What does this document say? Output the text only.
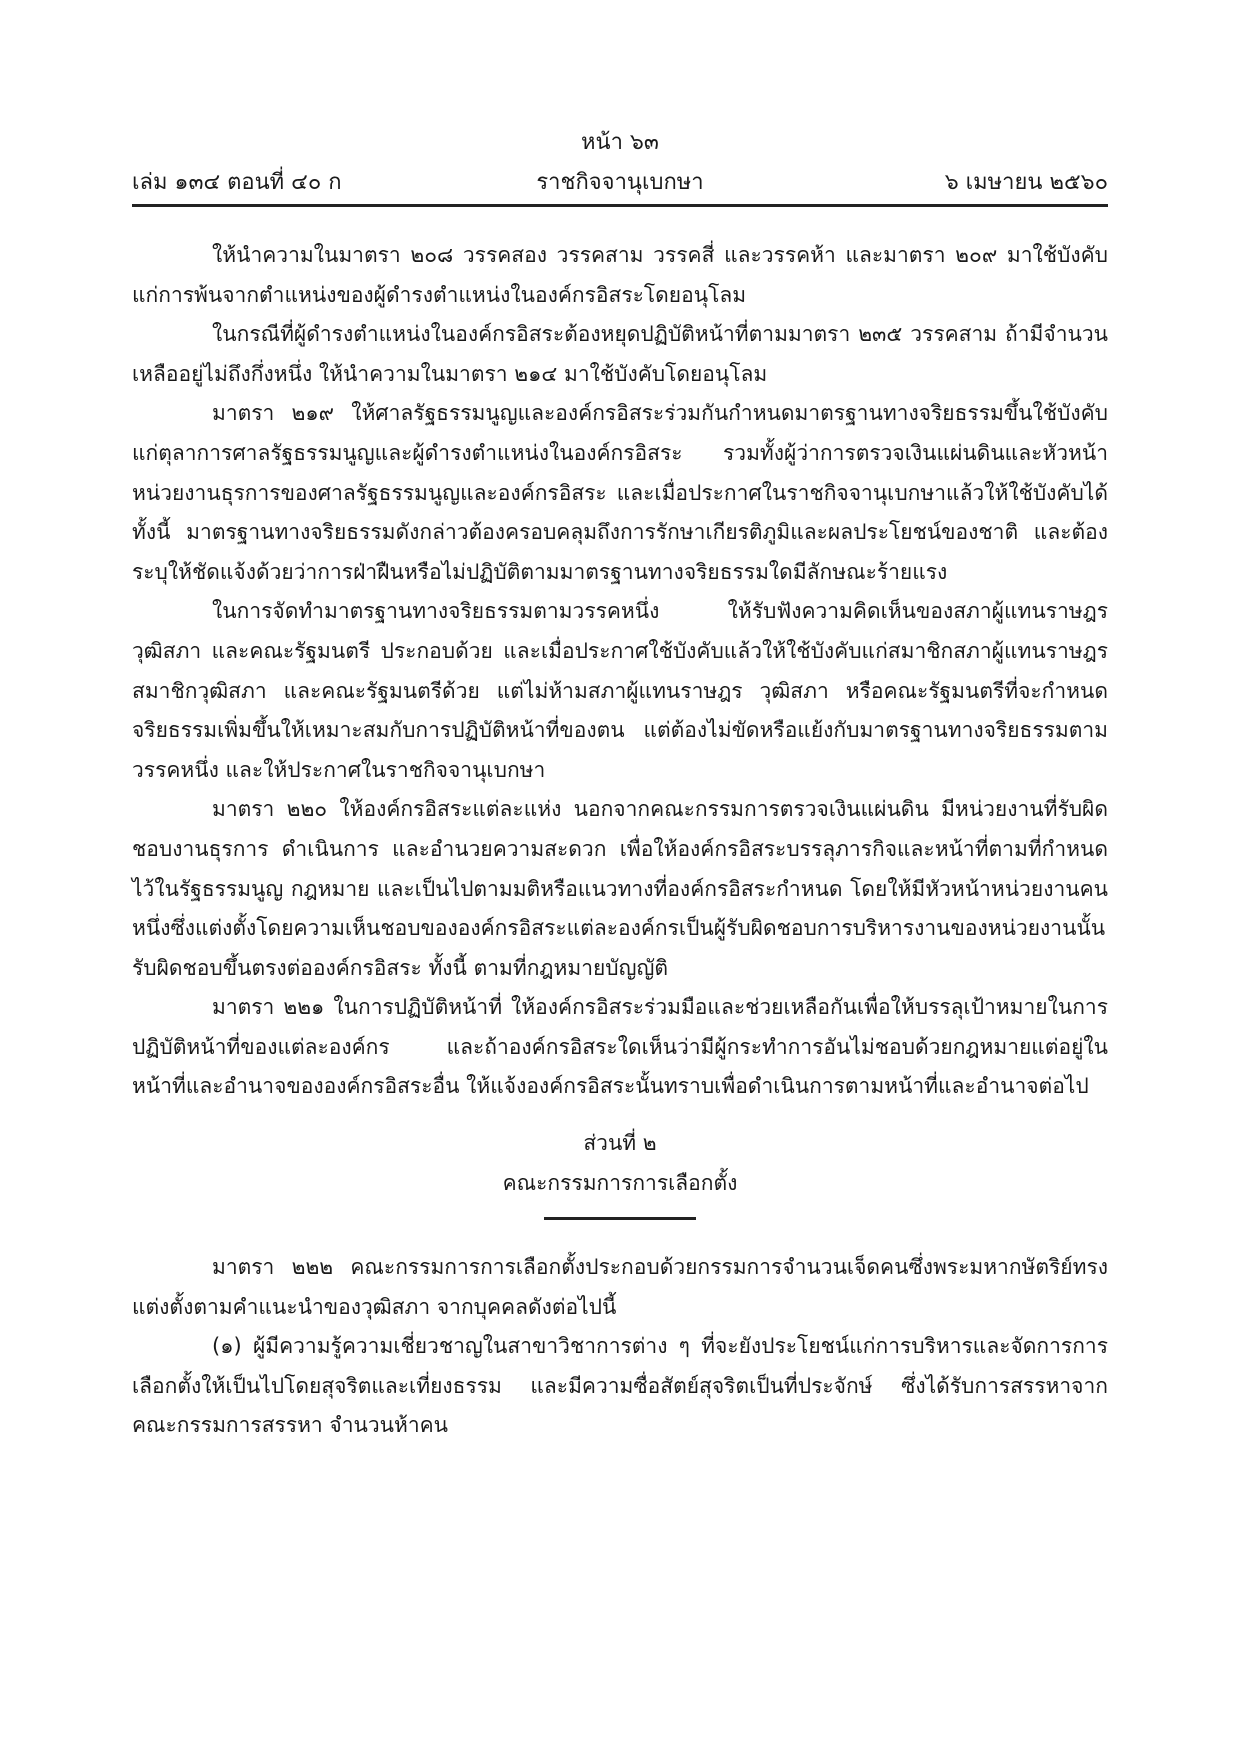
หน้า ๖๓
เล่ม ๑๓๔ ตอนที่ ๔๐ ก	ราชกิจจานุเบกษา	๖ เมษายน ๒๕๖๐

ให้นำความในมาตรา ๒๐๘ วรรคสอง วรรคสาม วรรคสี่ และวรรคห้า และมาตรา ๒๐๙ มาใช้บังคับแก่การพ้นจากตำแหน่งของผู้ดำรงตำแหน่งในองค์กรอิสระโดยอนุโลม

ในกรณีที่ผู้ดำรงตำแหน่งในองค์กรอิสระต้องหยุดปฏิบัติหน้าที่ตามมาตรา ๒๓๕ วรรคสาม ถ้ามีจำนวนเหลืออยู่ไม่ถึงกึ่งหนึ่ง ให้นำความในมาตรา ๒๑๔ มาใช้บังคับโดยอนุโลม

มาตรา ๒๑๙ ให้ศาลรัฐธรรมนูญและองค์กรอิสระร่วมกันกำหนดมาตรฐานทางจริยธรรมขึ้นใช้บังคับแก่ตุลาการศาลรัฐธรรมนูญและผู้ดำรงตำแหน่งในองค์กรอิสระ รวมทั้งผู้ว่าการตรวจเงินแผ่นดินและหัวหน้าหน่วยงานธุรการของศาลรัฐธรรมนูญและองค์กรอิสระ และเมื่อประกาศในราชกิจจานุเบกษาแล้วให้ใช้บังคับได้ ทั้งนี้ มาตรฐานทางจริยธรรมดังกล่าวต้องครอบคลุมถึงการรักษาเกียรติภูมิและผลประโยชน์ของชาติ และต้องระบุให้ชัดแจ้งด้วยว่าการฝ่าฝืนหรือไม่ปฏิบัติตามมาตรฐานทางจริยธรรมใดมีลักษณะร้ายแรง

ในการจัดทำมาตรฐานทางจริยธรรมตามวรรคหนึ่ง ให้รับฟังความคิดเห็นของสภาผู้แทนราษฎร วุฒิสภา และคณะรัฐมนตรี ประกอบด้วย และเมื่อประกาศใช้บังคับแล้วให้ใช้บังคับแก่สมาชิกสภาผู้แทนราษฎร สมาชิกวุฒิสภา และคณะรัฐมนตรีด้วย แต่ไม่ห้ามสภาผู้แทนราษฎร วุฒิสภา หรือคณะรัฐมนตรีที่จะกำหนดจริยธรรมเพิ่มขึ้นให้เหมาะสมกับการปฏิบัติหน้าที่ของตน แต่ต้องไม่ขัดหรือแย้งกับมาตรฐานทางจริยธรรมตามวรรคหนึ่ง และให้ประกาศในราชกิจจานุเบกษา

มาตรา ๒๒๐ ให้องค์กรอิสระแต่ละแห่ง นอกจากคณะกรรมการตรวจเงินแผ่นดิน มีหน่วยงานที่รับผิดชอบงานธุรการ ดำเนินการ และอำนวยความสะดวก เพื่อให้องค์กรอิสระบรรลุภารกิจและหน้าที่ตามที่กำหนดไว้ในรัฐธรรมนูญ กฎหมาย และเป็นไปตามมติหรือแนวทางที่องค์กรอิสระกำหนด โดยให้มีหัวหน้าหน่วยงานคนหนึ่งซึ่งแต่งตั้งโดยความเห็นชอบขององค์กรอิสระแต่ละองค์กรเป็นผู้รับผิดชอบการบริหารงานของหน่วยงานนั้น รับผิดชอบขึ้นตรงต่อองค์กรอิสระ ทั้งนี้ ตามที่กฎหมายบัญญัติ

มาตรา ๒๒๑ ในการปฏิบัติหน้าที่ ให้องค์กรอิสระร่วมมือและช่วยเหลือกันเพื่อให้บรรลุเป้าหมายในการปฏิบัติหน้าที่ของแต่ละองค์กร และถ้าองค์กรอิสระใดเห็นว่ามีผู้กระทำการอันไม่ชอบด้วยกฎหมายแต่อยู่ในหน้าที่และอำนาจขององค์กรอิสระอื่น ให้แจ้งองค์กรอิสระนั้นทราบเพื่อดำเนินการตามหน้าที่และอำนาจต่อไป

ส่วนที่ ๒
คณะกรรมการการเลือกตั้ง

มาตรา ๒๒๒ คณะกรรมการการเลือกตั้งประกอบด้วยกรรมการจำนวนเจ็ดคนซึ่งพระมหากษัตริย์ทรงแต่งตั้งตามคำแนะนำของวุฒิสภา จากบุคคลดังต่อไปนี้

(๑) ผู้มีความรู้ความเชี่ยวชาญในสาขาวิชาการต่าง ๆ ที่จะยังประโยชน์แก่การบริหารและจัดการการเลือกตั้งให้เป็นไปโดยสุจริตและเที่ยงธรรม และมีความซื่อสัตย์สุจริตเป็นที่ประจักษ์ ซึ่งได้รับการสรรหาจากคณะกรรมการสรรหา จำนวนห้าคน
